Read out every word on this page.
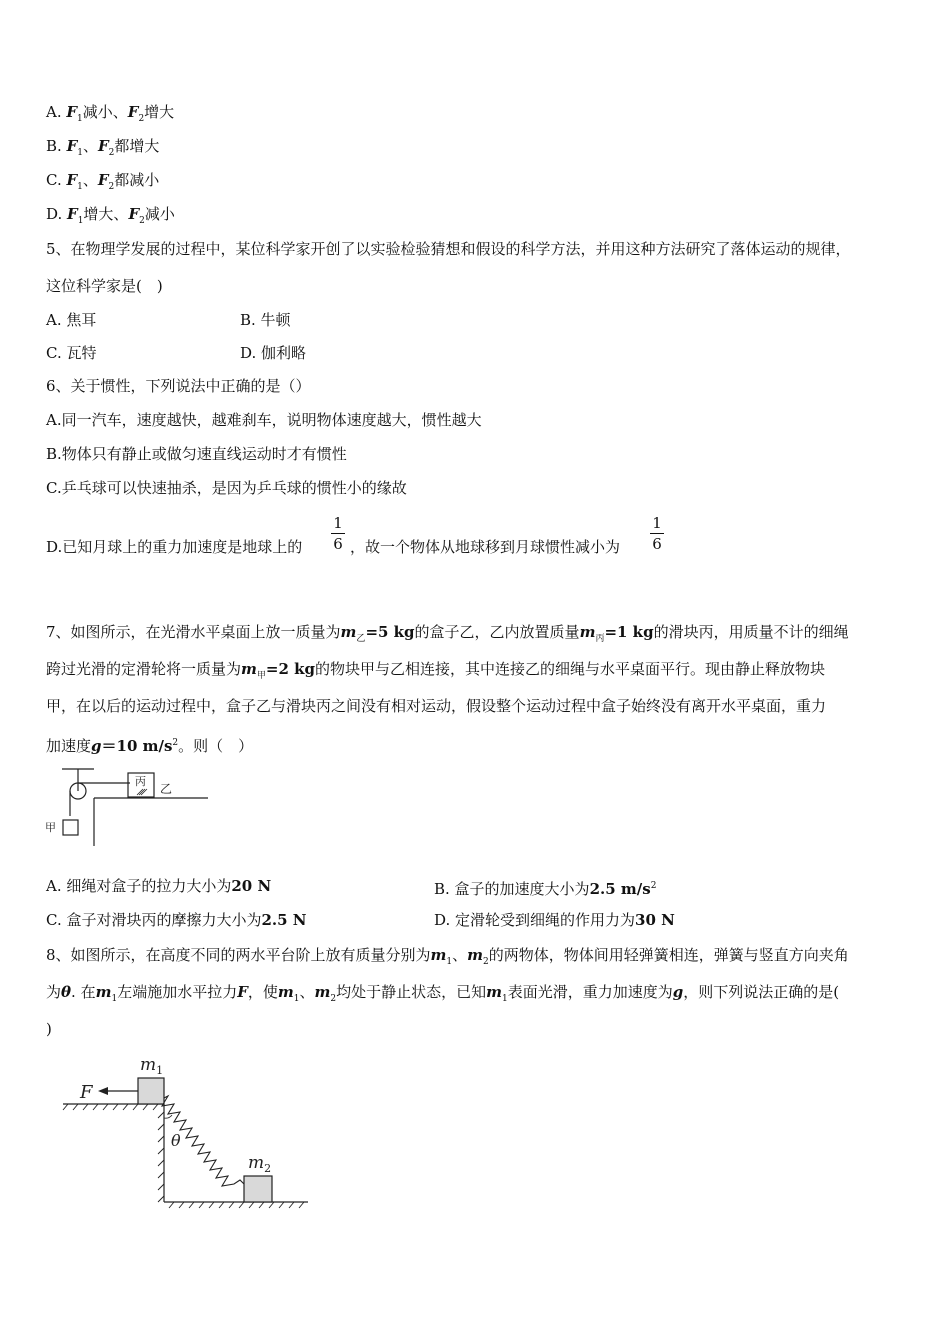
A. $F_1$减小、$F_2$增大
B. $F_1$、$F_2$都增大
C. $F_1$、$F_2$都减小
D. $F_1$增大、$F_2$减小
5、在物理学发展的过程中，某位科学家开创了以实验检验猜想和假设的科学方法，并用这种方法研究了落体运动的规律，
这位科学家是(　)
A. 焦耳	B. 牛顿
C. 瓦特	D. 伽利略
6、关于惯性，下列说法中正确的是（）
A.同一汽车，速度越快，越难刹车，说明物体速度越大，惯性越大
B.物体只有静止或做匀速直线运动时才有惯性
C.乒乓球可以快速抽杀，是因为乒乓球的惯性小的缘故
D.已知月球上的重力加速度是地球上的 $\frac{1}{6}$ ，故一个物体从地球移到月球惯性减小为 $\frac{1}{6}$
7、如图所示，在光滑水平桌面上放一质量为$m_乙=5$ kg的盒子乙，乙内放置质量$m_丙=1$ kg的滑块丙，用质量不计的细绳
跨过光滑的定滑轮将一质量为$m_甲=2$ kg的物块甲与乙相连接，其中连接乙的细绳与水平桌面平行。现由静止释放物块
甲，在以后的运动过程中，盒子乙与滑块丙之间没有相对运动，假设整个运动过程中盒子始终没有离开水平桌面，重力
加速度g＝10 $m/s^2$。则（　）
丙
乙
甲
A. 细绳对盒子的拉力大小为20 N	B. 盒子的加速度大小为2.5 $m/s^2$
C. 盒子对滑块丙的摩擦力大小为2.5 N	D. 定滑轮受到细绳的作用力为30 N
8、如图所示，在高度不同的两水平台阶上放有质量分别为$m_1$、$m_2$的两物体，物体间用轻弹簧相连，弹簧与竖直方向夹角
为θ. 在$m_1$左端施加水平拉力F，使$m_1$、$m_2$均处于静止状态，已知$m_1$表面光滑，重力加速度为g，则下列说法正确的是(
)
F
$m_1$
$m_2$
θ
